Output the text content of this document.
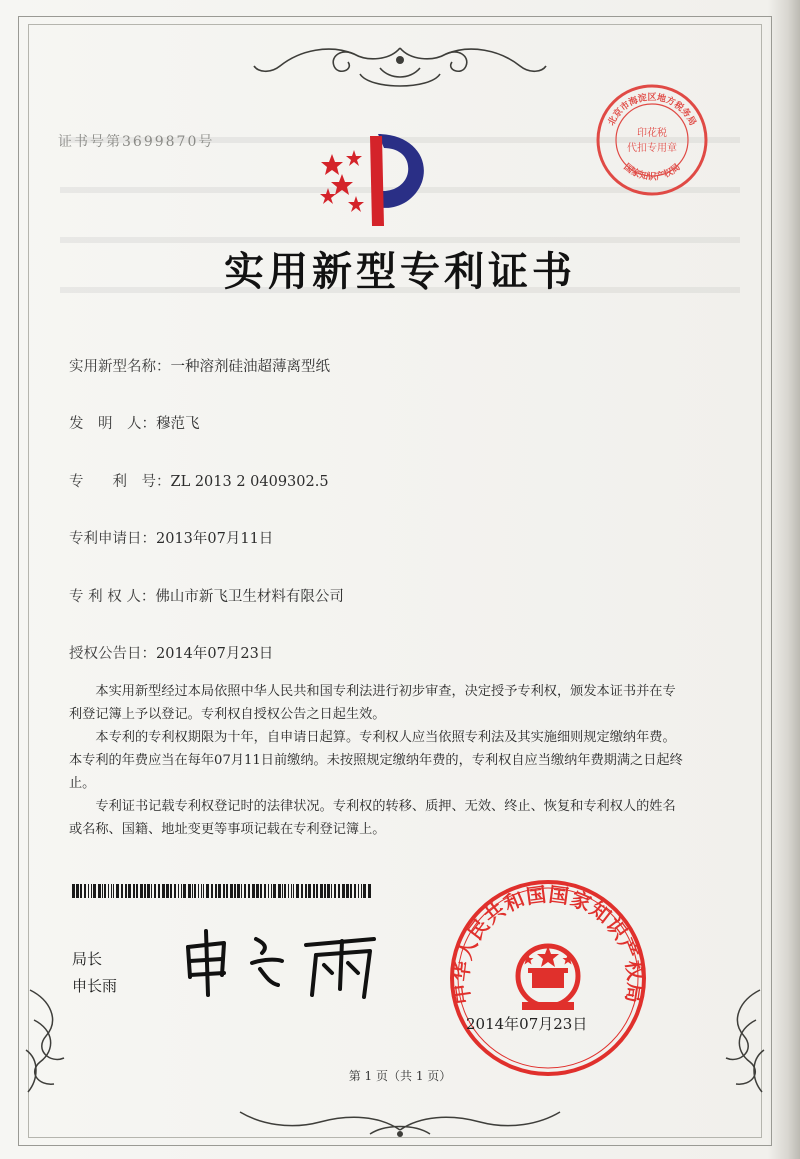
证书号第3699870号
北京市海淀区地方税务局
国家知识产权局
印花税
代扣专用章
实用新型专利证书
实用新型名称：一种溶剂硅油超薄离型纸
发　明　人：穆范飞
专　　利　号：ZL 2013 2 0409302.5
专利申请日：2013年07月11日
专 利 权 人：佛山市新飞卫生材料有限公司
授权公告日：2014年07月23日

本实用新型经过本局依照中华人民共和国专利法进行初步审查，决定授予专利权，颁发本证书并在专利登记簿上予以登记。专利权自授权公告之日起生效。

本专利的专利权期限为十年，自申请日起算。专利权人应当依照专利法及其实施细则规定缴纳年费。本专利的年费应当在每年07月11日前缴纳。未按照规定缴纳年费的，专利权自应当缴纳年费期满之日起终止。

专利证书记载专利权登记时的法律状况。专利权的转移、质押、无效、终止、恢复和专利权人的姓名或名称、国籍、地址变更等事项记载在专利登记簿上。

局长
申长雨	中华人民共和国国家知识产权局
2014年07月23日
第 1 页（共 1 页）
